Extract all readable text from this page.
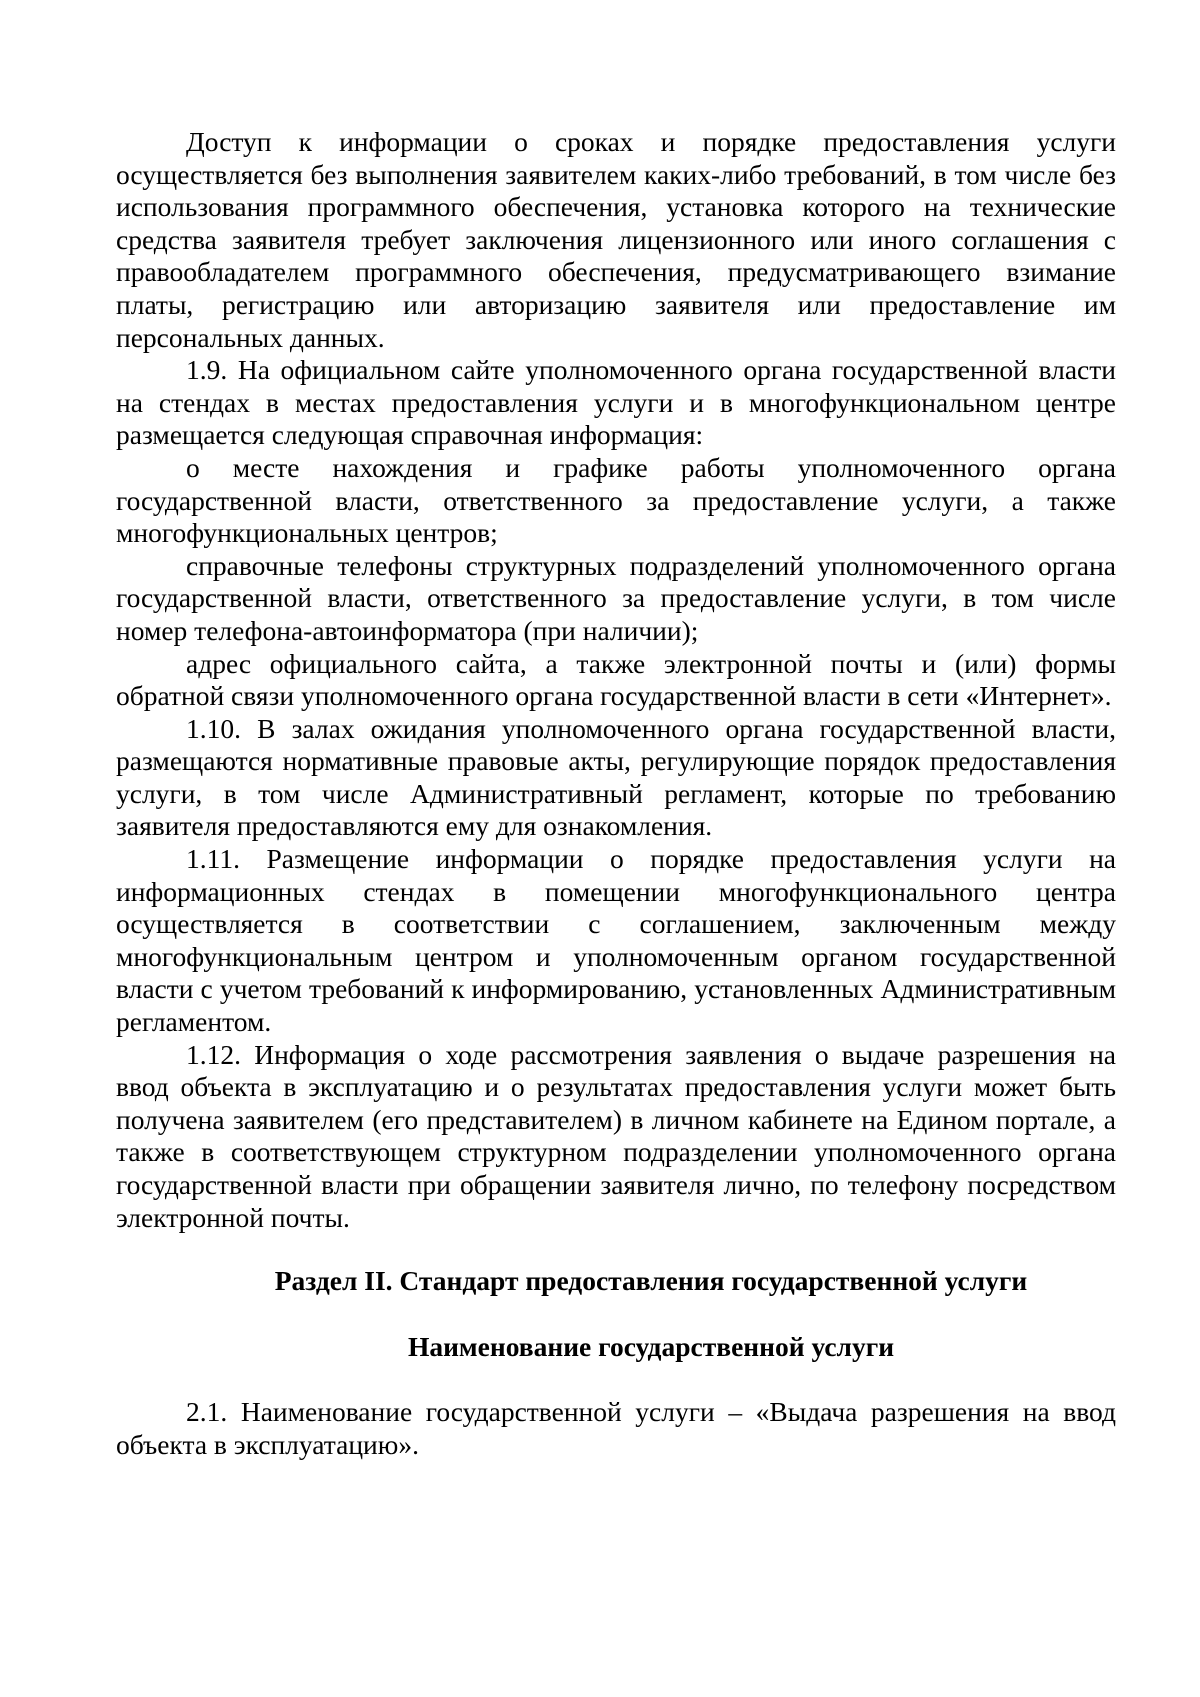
Доступ к информации о сроках и порядке предоставления услуги осуществляется без выполнения заявителем каких-либо требований, в том числе без использования программного обеспечения, установка которого на технические средства заявителя требует заключения лицензионного или иного соглашения с правообладателем программного обеспечения, предусматривающего взимание платы, регистрацию или авторизацию заявителя или предоставление им персональных данных.

1.9. На официальном сайте уполномоченного органа государственной власти на стендах в местах предоставления услуги и в многофункциональном центре размещается следующая справочная информация:

о месте нахождения и графике работы уполномоченного органа государственной власти, ответственного за предоставление услуги, а также многофункциональных центров;

справочные телефоны структурных подразделений уполномоченного органа государственной власти, ответственного за предоставление услуги, в том числе номер телефона-автоинформатора (при наличии);

адрес официального сайта, а также электронной почты и (или) формы обратной связи уполномоченного органа государственной власти в сети «Интернет».

1.10. В залах ожидания уполномоченного органа государственной власти, размещаются нормативные правовые акты, регулирующие порядок предоставления услуги, в том числе Административный регламент, которые по требованию заявителя предоставляются ему для ознакомления.

1.11. Размещение информации о порядке предоставления услуги на информационных стендах в помещении многофункционального центра осуществляется в соответствии с соглашением, заключенным между многофункциональным центром и уполномоченным органом государственной власти с учетом требований к информированию, установленных Административным регламентом.

1.12. Информация о ходе рассмотрения заявления о выдаче разрешения на ввод объекта в эксплуатацию и о результатах предоставления услуги может быть получена заявителем (его представителем) в личном кабинете на Едином портале, а также в соответствующем структурном подразделении уполномоченного органа государственной власти при обращении заявителя лично, по телефону посредством электронной почты.

Раздел II. Стандарт предоставления государственной услуги

Наименование государственной услуги

2.1. Наименование государственной услуги – «Выдача разрешения на ввод объекта в эксплуатацию».
